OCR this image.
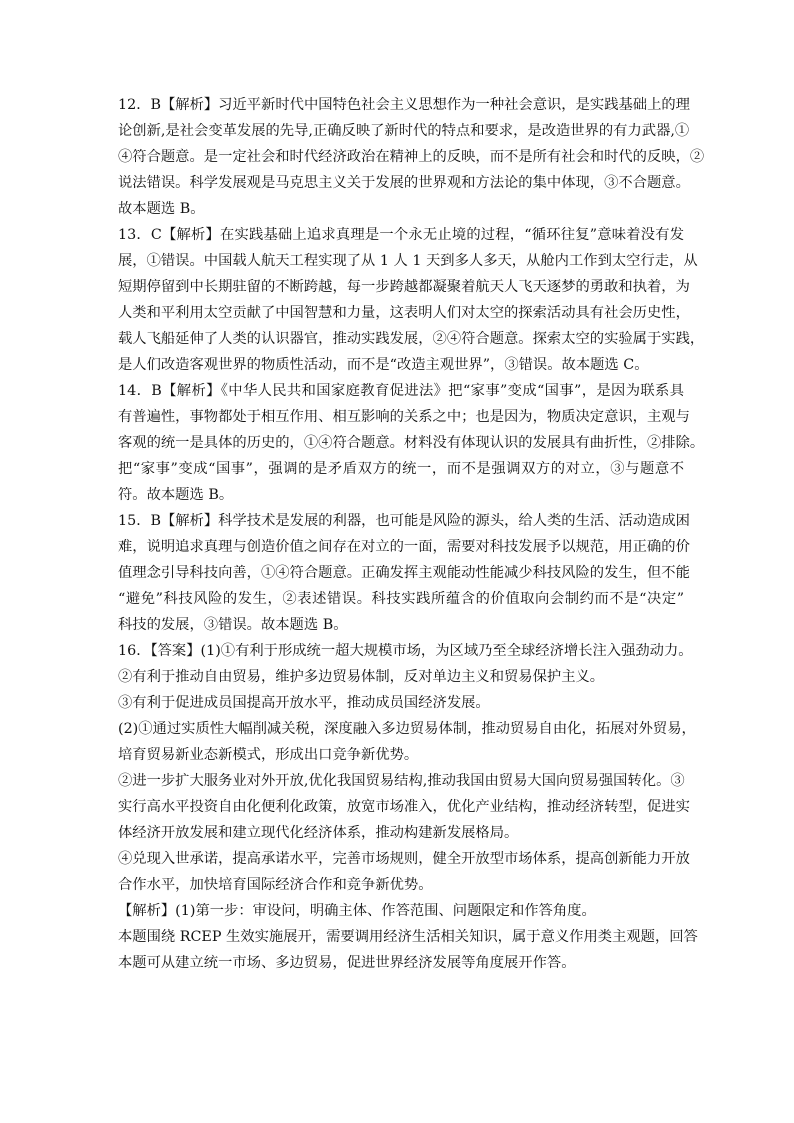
12．B【解析】习近平新时代中国特色社会主义思想作为一种社会意识，是实践基础上的理
论创新,是社会变革发展的先导,正确反映了新时代的特点和要求，是改造世界的有力武器,①
④符合题意。是一定社会和时代经济政治在精神上的反映，而不是所有社会和时代的反映，②
说法错误。科学发展观是马克思主义关于发展的世界观和方法论的集中体现，③不合题意。
故本题选 B。
13．C【解析】在实践基础上追求真理是一个永无止境的过程，“循环往复”意味着没有发
展，①错误。中国载人航天工程实现了从 1 人 1 天到多人多天，从舱内工作到太空行走，从
短期停留到中长期驻留的不断跨越，每一步跨越都凝聚着航天人飞天逐梦的勇敢和执着，为
人类和平利用太空贡献了中国智慧和力量，这表明人们对太空的探索活动具有社会历史性，
载人飞船延伸了人类的认识器官，推动实践发展，②④符合题意。探索太空的实验属于实践，
是人们改造客观世界的物质性活动，而不是“改造主观世界”，③错误。故本题选 C。
14．B【解析】《中华人民共和国家庭教育促进法》把“家事”变成“国事”，是因为联系具
有普遍性，事物都处于相互作用、相互影响的关系之中；也是因为，物质决定意识，主观与
客观的统一是具体的历史的，①④符合题意。材料没有体现认识的发展具有曲折性，②排除。
把“家事”变成“国事”，强调的是矛盾双方的统一，而不是强调双方的对立，③与题意不
符。故本题选 B。
15．B【解析】科学技术是发展的利器，也可能是风险的源头，给人类的生活、活动造成困
难，说明追求真理与创造价值之间存在对立的一面，需要对科技发展予以规范，用正确的价
值理念引导科技向善，①④符合题意。正确发挥主观能动性能减少科技风险的发生，但不能
“避免”科技风险的发生，②表述错误。科技实践所蕴含的价值取向会制约而不是“决定”
科技的发展，③错误。故本题选 B。
16．【答案】(1)①有利于形成统一超大规模市场，为区域乃至全球经济增长注入强劲动力。
②有利于推动自由贸易，维护多边贸易体制，反对单边主义和贸易保护主义。
③有利于促进成员国提高开放水平，推动成员国经济发展。
(2)①通过实质性大幅削减关税，深度融入多边贸易体制，推动贸易自由化，拓展对外贸易，
培育贸易新业态新模式，形成出口竞争新优势。
②进一步扩大服务业对外开放,优化我国贸易结构,推动我国由贸易大国向贸易强国转化。③
实行高水平投资自由化便利化政策，放宽市场准入，优化产业结构，推动经济转型，促进实
体经济开放发展和建立现代化经济体系，推动构建新发展格局。
④兑现入世承诺，提高承诺水平，完善市场规则，健全开放型市场体系，提高创新能力开放
合作水平，加快培育国际经济合作和竞争新优势。
【解析】(1)第一步：审设问，明确主体、作答范围、问题限定和作答角度。
本题围绕 RCEP 生效实施展开，需要调用经济生活相关知识，属于意义作用类主观题，回答
本题可从建立统一市场、多边贸易，促进世界经济发展等角度展开作答。
